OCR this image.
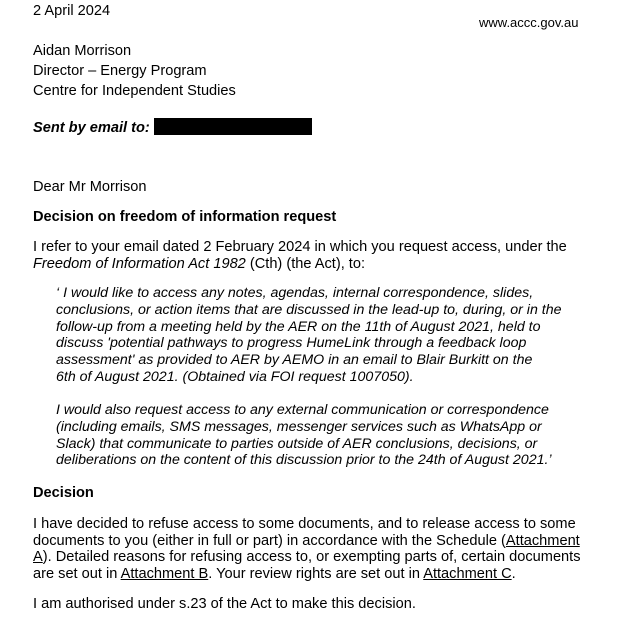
2 April 2024
www.accc.gov.au
Aidan Morrison
Director – Energy Program
Centre for Independent Studies
Sent by email to:
Dear Mr Morrison
Decision on freedom of information request
I refer to your email dated 2 February 2024 in which you request access, under the
Freedom of Information Act 1982 (Cth) (the Act), to:
‘ I would like to access any notes, agendas, internal correspondence, slides,
conclusions, or action items that are discussed in the lead-up to, during, or in the
follow-up from a meeting held by the AER on the 11th of August 2021, held to
discuss 'potential pathways to progress HumeLink through a feedback loop
assessment' as provided to AER by AEMO in an email to Blair Burkitt on the
6th of August 2021. (Obtained via FOI request 1007050).
I would also request access to any external communication or correspondence
(including emails, SMS messages, messenger services such as WhatsApp or
Slack) that communicate to parties outside of AER conclusions, decisions, or
deliberations on the content of this discussion prior to the 24th of August 2021.’
Decision
I have decided to refuse access to some documents, and to release access to some
documents to you (either in full or part) in accordance with the Schedule (Attachment
A). Detailed reasons for refusing access to, or exempting parts of, certain documents
are set out in Attachment B. Your review rights are set out in Attachment C.
I am authorised under s.23 of the Act to make this decision.
